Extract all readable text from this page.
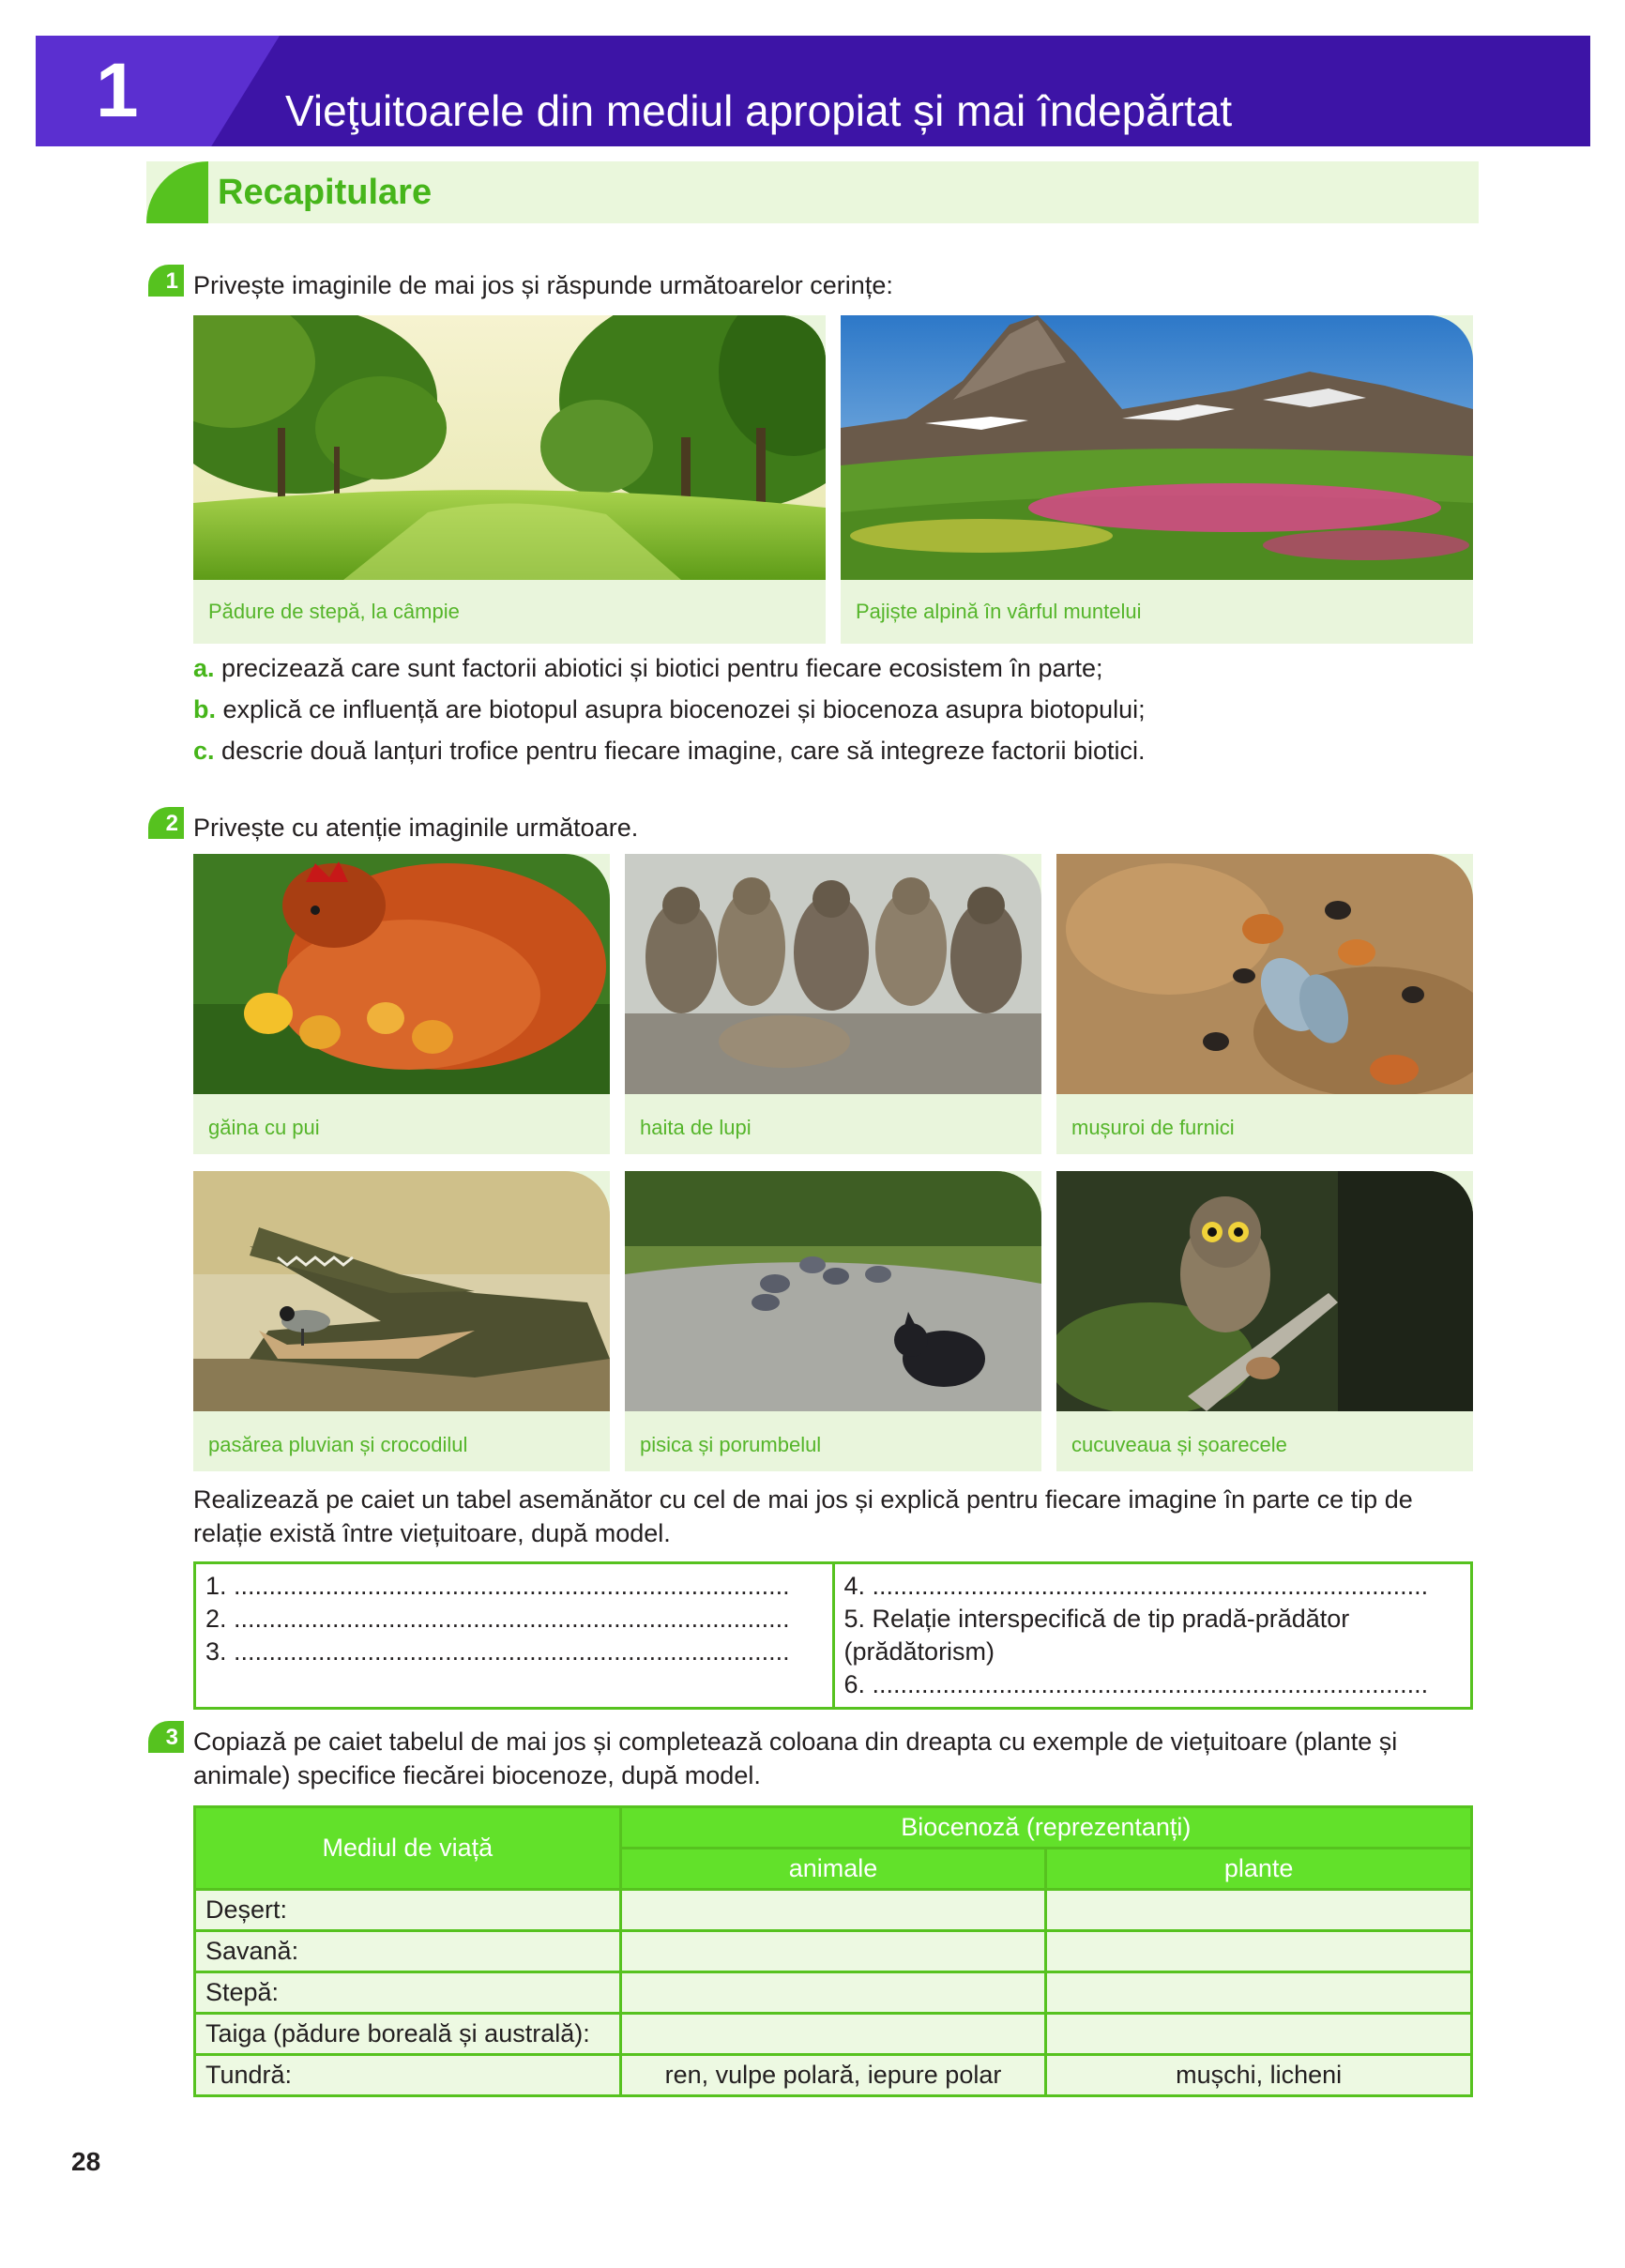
1	Vieţuitoarele din mediul apropiat și mai îndepărtat
Recapitulare
1 Privește imaginile de mai jos și răspunde următoarelor cerințe:
Pădure de stepă, la câmpie	Pajiște alpină în vârful muntelui
a. precizează care sunt factorii abiotici și biotici pentru fiecare ecosistem în parte;
b. explică ce influență are biotopul asupra biocenozei și biocenoza asupra biotopului;
c. descrie două lanțuri trofice pentru fiecare imagine, care să integreze factorii biotici.
2 Privește cu atenție imaginile următoare.
găina cu pui	haita de lupi	mușuroi de furnici
pasărea pluvian și crocodilul	pisica și porumbelul	cucuveaua și șoarecele
Realizează pe caiet un tabel asemănător cu cel de mai jos și explică pentru fiecare imagine în parte ce tip de
relație există între viețuitoare, după model.
1. ...............................................................................
2. ...............................................................................
3. ...............................................................................

4. ...............................................................................
5. Relație interspecifică de tip pradă-prădător (prădătorism)
6. ...............................................................................
3 Copiază pe caiet tabelul de mai jos și completează coloana din dreapta cu exemple de viețuitoare (plante și
animale) specifice fiecărei biocenoze, după model.
Mediul de viață	Biocenoză (reprezentanți)	
	animale	plante
Deșert:		
Savană:		
Stepă:		
Taiga (pădure boreală și australă):		
Tundră:	ren, vulpe polară, iepure polar	mușchi, licheni
28
